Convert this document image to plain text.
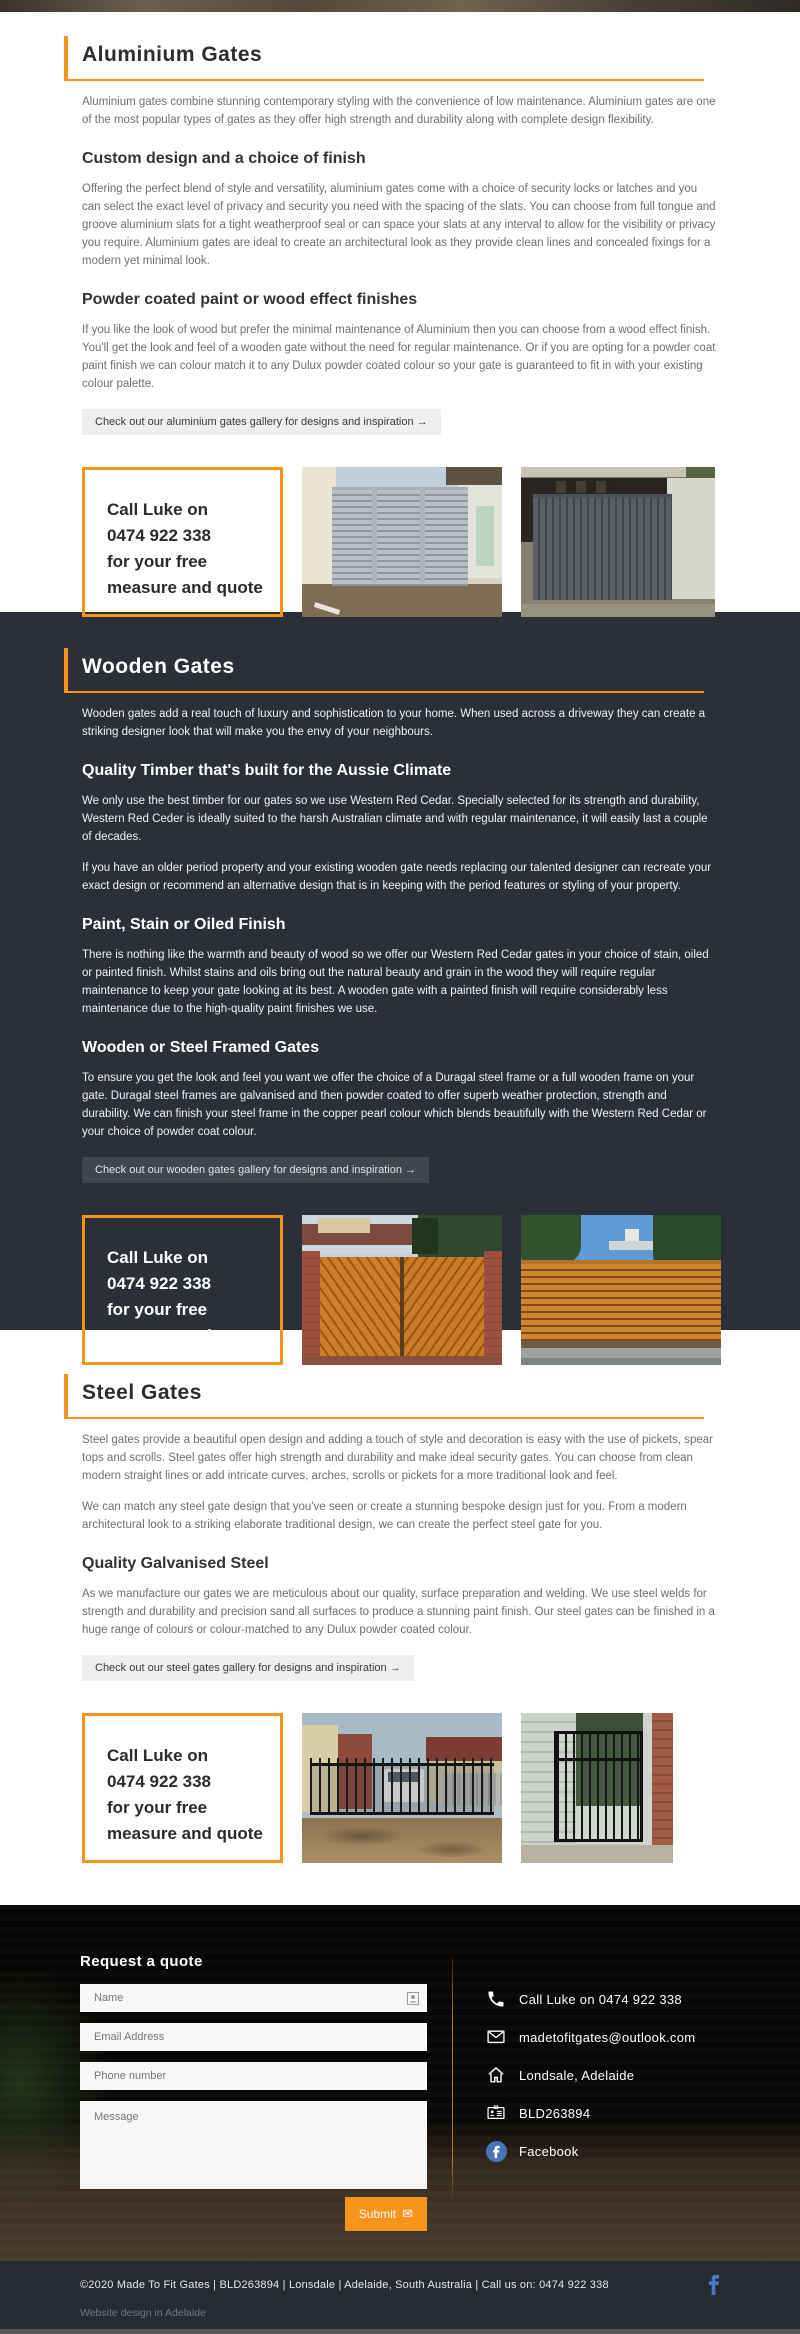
Aluminium Gates

Aluminium gates combine stunning contemporary styling with the convenience of low maintenance. Aluminium gates are one of the most popular types of gates as they offer high strength and durability along with complete design flexibility.

Custom design and a choice of finish

Offering the perfect blend of style and versatility, aluminium gates come with a choice of security locks or latches and you can select the exact level of privacy and security you need with the spacing of the slats. You can choose from full tongue and groove aluminium slats for a tight weatherproof seal or can space your slats at any interval to allow for the visibility or privacy you require. Aluminium gates are ideal to create an architectural look as they provide clean lines and concealed fixings for a modern yet minimal look.

Powder coated paint or wood effect finishes

If you like the look of wood but prefer the minimal maintenance of Aluminium then you can choose from a wood effect finish. You'll get the look and feel of a wooden gate without the need for regular maintenance. Or if you are opting for a powder coat paint finish we can colour match it to any Dulux powder coated colour so your gate is guaranteed to fit in with your existing colour palette.

Check out our aluminium gates gallery for designs and inspiration →
Call Luke on
0474 922 338
for your free
measure and quote
Wooden Gates

Wooden gates add a real touch of luxury and sophistication to your home. When used across a driveway they can create a striking designer look that will make you the envy of your neighbours.

Quality Timber that's built for the Aussie Climate

We only use the best timber for our gates so we use Western Red Cedar. Specially selected for its strength and durability, Western Red Ceder is ideally suited to the harsh Australian climate and with regular maintenance, it will easily last a couple of decades.

If you have an older period property and your existing wooden gate needs replacing our talented designer can recreate your exact design or recommend an alternative design that is in keeping with the period features or styling of your property.

Paint, Stain or Oiled Finish

There is nothing like the warmth and beauty of wood so we offer our Western Red Cedar gates in your choice of stain, oiled or painted finish. Whilst stains and oils bring out the natural beauty and grain in the wood they will require regular maintenance to keep your gate looking at its best. A wooden gate with a painted finish will require considerably less maintenance due to the high-quality paint finishes we use.

Wooden or Steel Framed Gates

To ensure you get the look and feel you want we offer the choice of a Duragal steel frame or a full wooden frame on your gate. Duragal steel frames are galvanised and then powder coated to offer superb weather protection, strength and durability. We can finish your steel frame in the copper pearl colour which blends beautifully with the Western Red Cedar or your choice of powder coat colour.

Check out our wooden gates gallery for designs and inspiration →
Call Luke on
0474 922 338
for your free
measure and quote
Steel Gates

Steel gates provide a beautiful open design and adding a touch of style and decoration is easy with the use of pickets, spear tops and scrolls. Steel gates offer high strength and durability and make ideal security gates. You can choose from clean modern straight lines or add intricate curves, arches, scrolls or pickets for a more traditional look and feel.

We can match any steel gate design that you've seen or create a stunning bespoke design just for you. From a modern architectural look to a striking elaborate traditional design, we can create the perfect steel gate for you.

Quality Galvanised Steel

As we manufacture our gates we are meticulous about our quality, surface preparation and welding. We use steel welds for strength and durability and precision sand all surfaces to produce a stunning paint finish. Our steel gates can be finished in a huge range of colours or colour-matched to any Dulux powder coated colour.

Check out our steel gates gallery for designs and inspiration →
Call Luke on
0474 922 338
for your free
measure and quote
Request a quote
Name
Email Address
Phone number
Message
Submit ✉
Call Luke on 0474 922 338
madetofitgates@outlook.com
Londsale, Adelaide
BLD263894
Facebook
©2020 Made To Fit Gates | BLD263894 | Lonsdale | Adelaide, South Australia | Call us on: 0474 922 338
Website design in Adelaide
